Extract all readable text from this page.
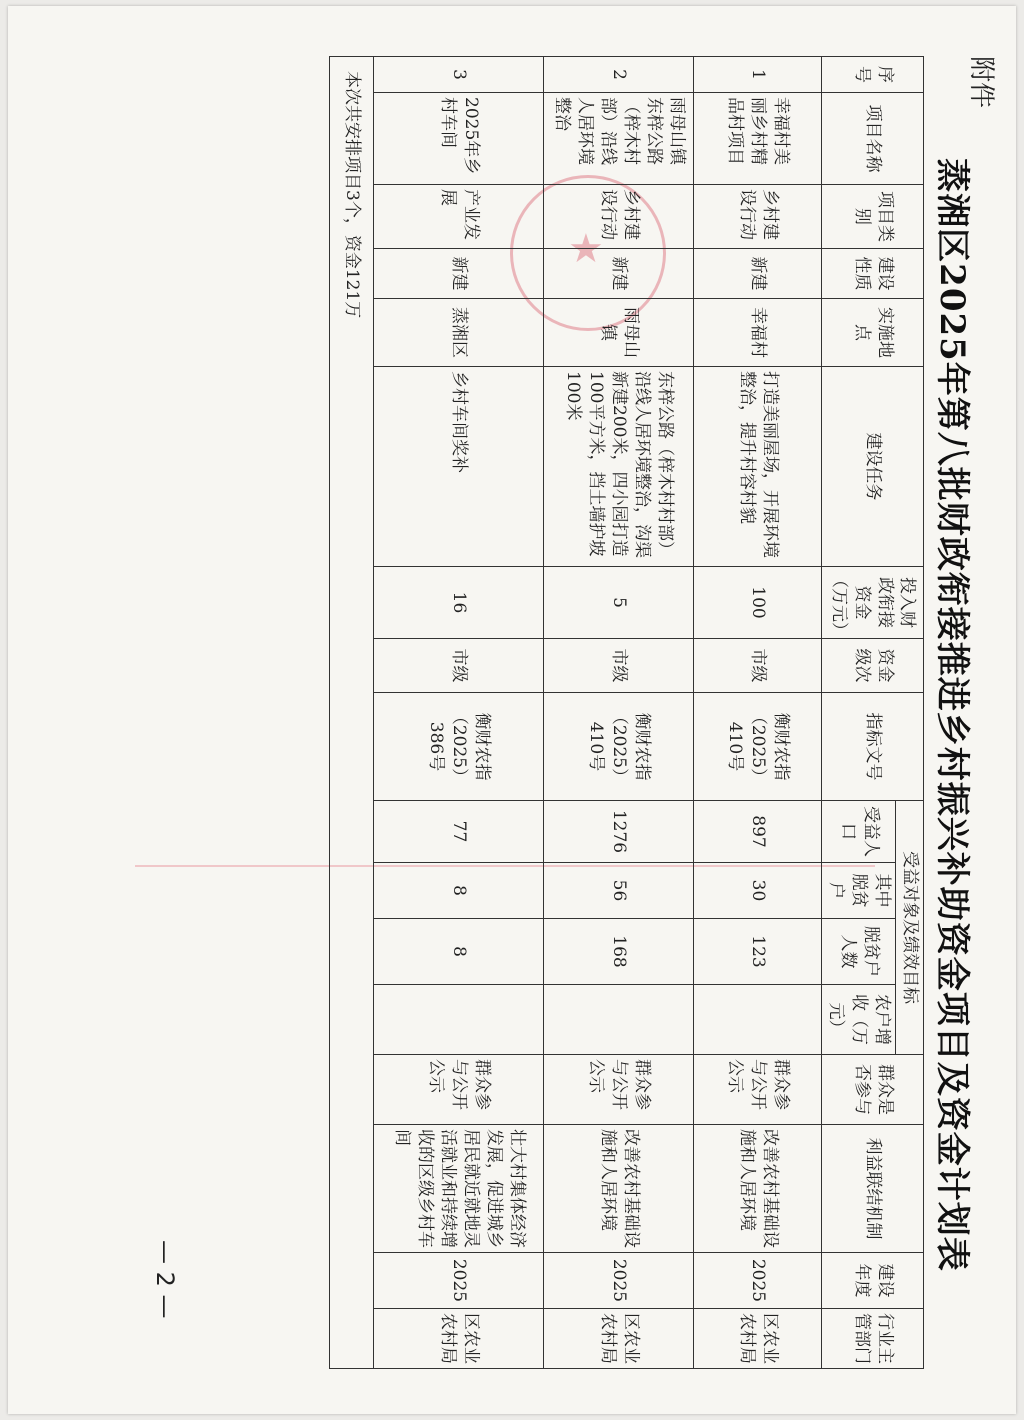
★
附件
蒸湘区2025年第八批财政衔接推进乡村振兴补助资金项目及资金计划表
序号	项目名称	项目类别	建设性质	实施地点	建设任务	投入财政衔接资金（万元）	资金级次	指标文号	受益对象及绩效目标				群众是否参与	利益联结机制	建设年度	行业主管部门
									受益人口	其中脱贫户	脱贫户人数	农户增收（万元）				
1	幸福村美丽乡村精品村项目	乡村建设行动	新建	幸福村	打造美丽屋场，开展环境整治，提升村容村貌	100	市级	衡财农指（2025）410号	897	30	123		群众参与公开公示	改善农村基础设施和人居环境	2025	区农业农村局
2	雨母山镇东梓公路（梓木村部）沿线人居环境整治	乡村建设行动	新建	雨母山镇	东梓公路（梓木村村部）沿线人居环境整治，沟渠新建200米，四小园打造100平方米，挡土墙护坡100米	5	市级	衡财农指（2025）410号	1276	56	168		群众参与公开公示	改善农村基础设施和人居环境	2025	区农业农村局
3	2025年乡村车间	产业发展	新建	蒸湘区	乡村车间奖补	16	市级	衡财农指（2025）386号	77	8	8		群众参与公开公示	壮大村集体经济发展，促进城乡居民就近就地灵活就业和持续增收的区级乡村车间	2025	区农业农村局
本次共安排项目3个，资金121万																
— 2 —
